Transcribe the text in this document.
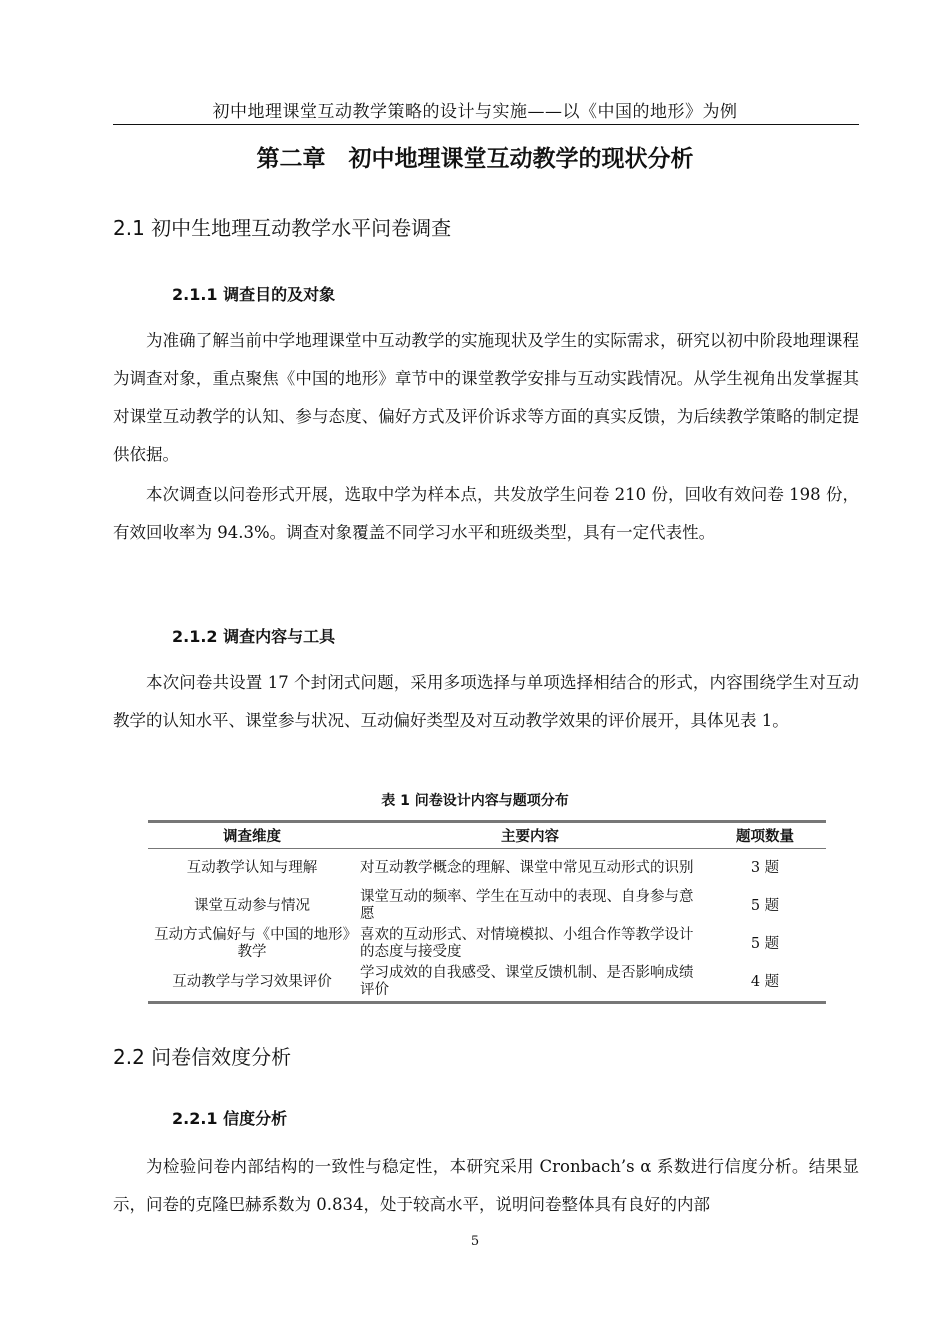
初中地理课堂互动教学策略的设计与实施——以《中国的地形》为例
第二章　初中地理课堂互动教学的现状分析
2.1 初中生地理互动教学水平问卷调查
2.1.1 调查目的及对象

为准确了解当前中学地理课堂中互动教学的实施现状及学生的实际需求，研究以初中阶段地理课程为调查对象，重点聚焦《中国的地形》章节中的课堂教学安排与互动实践情况。从学生视角出发掌握其对课堂互动教学的认知、参与态度、偏好方式及评价诉求等方面的真实反馈，为后续教学策略的制定提供依据。

本次调查以问卷形式开展，选取中学为样本点，共发放学生问卷 210 份，回收有效问卷 198 份，有效回收率为 94.3%。调查对象覆盖不同学习水平和班级类型，具有一定代表性。

2.1.2 调查内容与工具

本次问卷共设置 17 个封闭式问题，采用多项选择与单项选择相结合的形式，内容围绕学生对互动教学的认知水平、课堂参与状况、互动偏好类型及对互动教学效果的评价展开，具体见表 1。

表 1 问卷设计内容与题项分布
调查维度	主要内容	题项数量
互动教学认知与理解	对互动教学概念的理解、课堂中常见互动形式的识别	3 题
课堂互动参与情况	课堂互动的频率、学生在互动中的表现、自身参与意愿	5 题
互动方式偏好与《中国的地形》教学	喜欢的互动形式、对情境模拟、小组合作等教学设计的态度与接受度	5 题
互动教学与学习效果评价	学习成效的自我感受、课堂反馈机制、是否影响成绩评价	4 题
2.2 问卷信效度分析
2.2.1 信度分析

为检验问卷内部结构的一致性与稳定性，本研究采用 Cronbach’s α 系数进行信度分析。结果显示，问卷的克隆巴赫系数为 0.834，处于较高水平，说明问卷整体具有良好的内部

5
